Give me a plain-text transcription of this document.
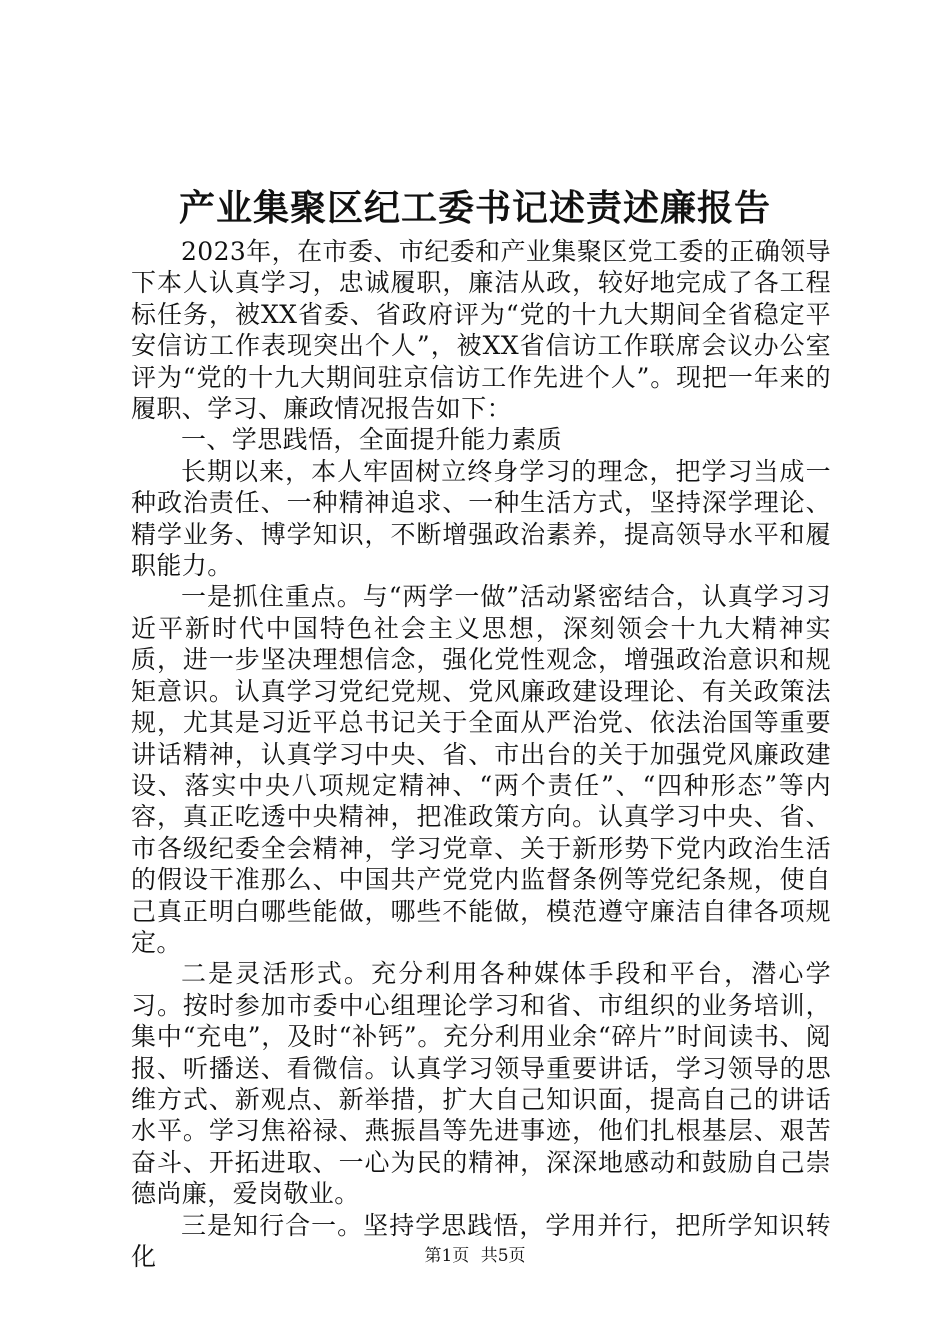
产业集聚区纪工委书记述责述廉报告

2023年，在市委、市纪委和产业集聚区党工委的正确领导下本人认真学习，忠诚履职，廉洁从政，较好地完成了各工程标任务，被XX省委、省政府评为“党的十九大期间全省稳定平安信访工作表现突出个人”，被XX省信访工作联席会议办公室评为“党的十九大期间驻京信访工作先进个人”。现把一年来的履职、学习、廉政情况报告如下：

一、学思践悟，全面提升能力素质

长期以来，本人牢固树立终身学习的理念，把学习当成一种政治责任、一种精神追求、一种生活方式，坚持深学理论、精学业务、博学知识，不断增强政治素养，提高领导水平和履职能力。

一是抓住重点。与“两学一做”活动紧密结合，认真学习习近平新时代中国特色社会主义思想，深刻领会十九大精神实质，进一步坚决理想信念，强化党性观念，增强政治意识和规矩意识。认真学习党纪党规、党风廉政建设理论、有关政策法规，尤其是习近平总书记关于全面从严治党、依法治国等重要讲话精神，认真学习中央、省、市出台的关于加强党风廉政建设、落实中央八项规定精神、“两个责任”、“四种形态”等内容，真正吃透中央精神，把准政策方向。认真学习中央、省、市各级纪委全会精神，学习党章、关于新形势下党内政治生活的假设干准那么、中国共产党党内监督条例等党纪条规，使自己真正明白哪些能做，哪些不能做，模范遵守廉洁自律各项规定。

二是灵活形式。充分利用各种媒体手段和平台，潜心学习。按时参加市委中心组理论学习和省、市组织的业务培训，集中“充电”，及时“补钙”。充分利用业余“碎片”时间读书、阅报、听播送、看微信。认真学习领导重要讲话，学习领导的思维方式、新观点、新举措，扩大自己知识面，提高自己的讲话水平。学习焦裕禄、燕振昌等先进事迹，他们扎根基层、艰苦奋斗、开拓进取、一心为民的精神，深深地感动和鼓励自己崇德尚廉，爱岗敬业。

三是知行合一。坚持学思践悟，学用并行，把所学知识转化	第1页 共5页
